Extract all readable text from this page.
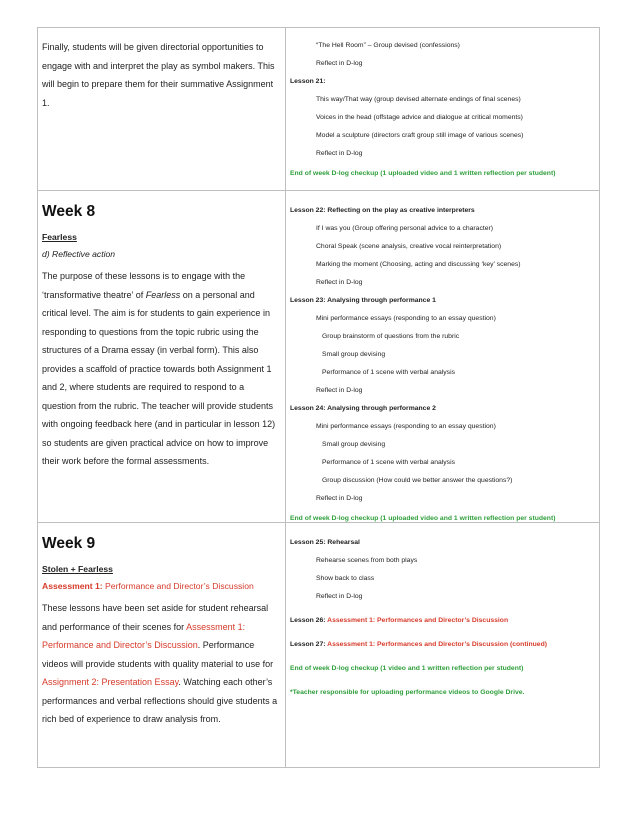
Finally, students will be given directorial opportunities to engage with and interpret the play as symbol makers. This will begin to prepare them for their summative Assignment 1.

“The Hell Room” – Group devised (confessions)

Reflect in D-log

Lesson 21:

This way/That way (group devised alternate endings of final scenes)

Voices in the head (offstage advice and dialogue at critical moments)

Model a sculpture (directors craft group still image of various scenes)

Reflect in D-log

End of week D-log checkup (1 uploaded video and 1 written reflection per student)

Week 8

Fearless

d) Reflective action

The purpose of these lessons is to engage with the ‘transformative theatre’ of Fearless on a personal and critical level. The aim is for students to gain experience in responding to questions from the topic rubric using the structures of a Drama essay (in verbal form). This also provides a scaffold of practice towards both Assignment 1 and 2, where students are required to respond to a question from the rubric. The teacher will provide students with ongoing feedback here (and in particular in lesson 12) so students are given practical advice on how to improve their work before the formal assessments.

Lesson 22: Reflecting on the play as creative interpreters

If I was you (Group offering personal advice to a character)

Choral Speak (scene analysis, creative vocal reinterpretation)

Marking the moment (Choosing, acting and discussing ‘key’ scenes)

Reflect in D-log

Lesson 23: Analysing through performance 1

Mini performance essays (responding to an essay question)

Group brainstorm of questions from the rubric

Small group devising

Performance of 1 scene with verbal analysis

Reflect in D-log

Lesson 24: Analysing through performance 2

Mini performance essays (responding to an essay question)

Small group devising

Performance of 1 scene with verbal analysis

Group discussion (How could we better answer the questions?)

Reflect in D-log

End of week D-log checkup (1 uploaded video and 1 written reflection per student)

Week 9

Stolen + Fearless

Assessment 1: Performance and Director’s Discussion

These lessons have been set aside for student rehearsal and performance of their scenes for Assessment 1: Performance and Director’s Discussion. Performance videos will provide students with quality material to use for Assignment 2: Presentation Essay. Watching each other’s performances and verbal reflections should give students a rich bed of experience to draw analysis from.

Lesson 25: Rehearsal

Rehearse scenes from both plays

Show back to class

Reflect in D-log

Lesson 26: Assessment 1: Performances and Director’s Discussion

Lesson 27: Assessment 1: Performances and Director’s Discussion (continued)

End of week D-log checkup (1 video and 1 written reflection per student)

*Teacher responsible for uploading performance videos to Google Drive.
